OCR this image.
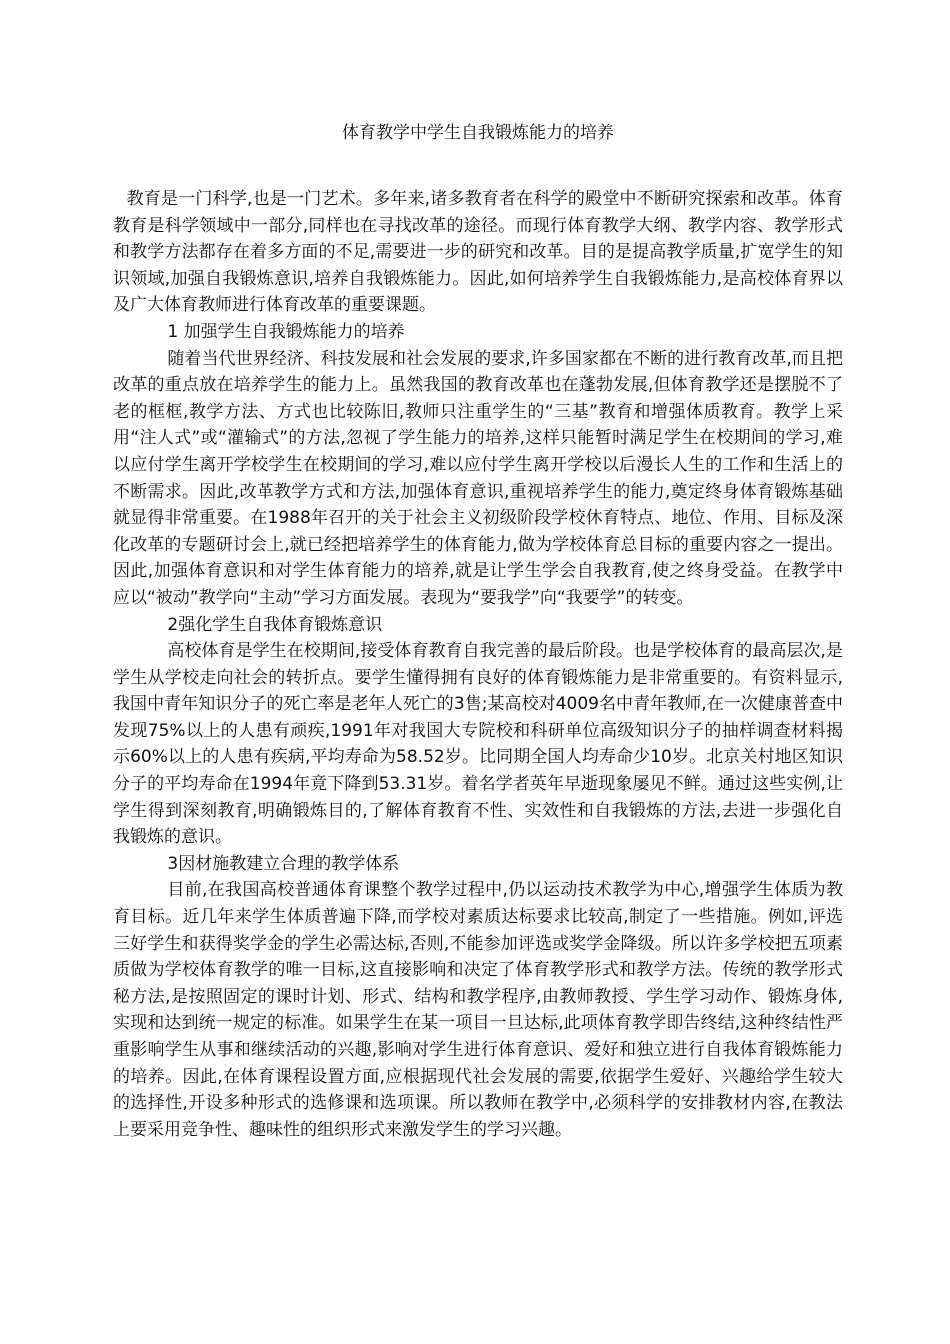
体育教学中学生自我锻炼能力的培养

教育是一门科学,也是一门艺术。多年来,诸多教育者在科学的殿堂中不断研究探索和改革。体育教育是科学领域中一部分,同样也在寻找改革的途径。而现行体育教学大纲、教学内容、教学形式和教学方法都存在着多方面的不足,需要进一步的研究和改革。目的是提高教学质量,扩宽学生的知识领域,加强自我锻炼意识,培养自我锻炼能力。因此,如何培养学生自我锻炼能力,是高校体育界以及广大体育教师进行体育改革的重要课题。

1 加强学生自我锻炼能力的培养

随着当代世界经济、科技发展和社会发展的要求,许多国家都在不断的进行教育改革,而且把改革的重点放在培养学生的能力上。虽然我国的教育改革也在蓬勃发展,但体育教学还是摆脱不了老的框框,教学方法、方式也比较陈旧,教师只注重学生的“三基”教育和增强体质教育。教学上采用“注人式”或“灌输式”的方法,忽视了学生能力的培养,这样只能暂时满足学生在校期间的学习,难以应付学生离开学校学生在校期间的学习,难以应付学生离开学校以后漫长人生的工作和生活上的不断需求。因此,改革教学方式和方法,加强体育意识,重视培养学生的能力,奠定终身体育锻炼基础就显得非常重要。在1988年召开的关于社会主义初级阶段学校休育特点、地位、作用、目标及深化改革的专题研讨会上,就已经把培养学生的体育能力,做为学校体育总目标的重要内容之一提出。因此,加强体育意识和对学生体育能力的培养,就是让学生学会自我教育,使之终身受益。在教学中应以“被动”教学向“主动”学习方面发展。表现为“要我学”向“我要学”的转变。

2强化学生自我体育锻炼意识

高校体育是学生在校期间,接受体育教育自我完善的最后阶段。也是学校体育的最高层次,是学生从学校走向社会的转折点。要学生懂得拥有良好的体育锻炼能力是非常重要的。有资料显示,我国中青年知识分子的死亡率是老年人死亡的3售;某高校对4009名中青年教师,在一次健康普查中发现75%以上的人患有顽疾,1991年对我国大专院校和科研单位高级知识分子的抽样调查材料揭示60%以上的人患有疾病,平均寿命为58.52岁。比同期全国人均寿命少10岁。北京关村地区知识分子的平均寿命在1994年竟下降到53.31岁。着名学者英年早逝现象屡见不鲜。通过这些实例,让学生得到深刻教育,明确锻炼目的,了解体育教育不性、实效性和自我锻炼的方法,去进一步强化自我锻炼的意识。

3因材施教建立合理的教学体系

目前,在我国高校普通体育课整个教学过程中,仍以运动技术教学为中心,增强学生体质为教育目标。近几年来学生体质普遍下降,而学校对素质达标要求比较高,制定了一些措施。例如,评选三好学生和获得奖学金的学生必需达标,否则,不能参加评选或奖学金降级。所以许多学校把五项素质做为学校体育教学的唯一目标,这直接影响和决定了体育教学形式和教学方法。传统的教学形式秘方法,是按照固定的课时计划、形式、结构和教学程序,由教师教授、学生学习动作、锻炼身体,实现和达到统一规定的标准。如果学生在某一项目一旦达标,此项体育教学即告终结,这种终结性严重影响学生从事和继续活动的兴趣,影响对学生进行体育意识、爱好和独立进行自我体育锻炼能力的培养。因此,在体育课程设置方面,应根据现代社会发展的需要,依据学生爱好、兴趣给学生较大的选择性,开设多种形式的选修课和选项课。所以教师在教学中,必须科学的安排教材内容,在教法上要采用竞争性、趣味性的组织形式来激发学生的学习兴趣。
